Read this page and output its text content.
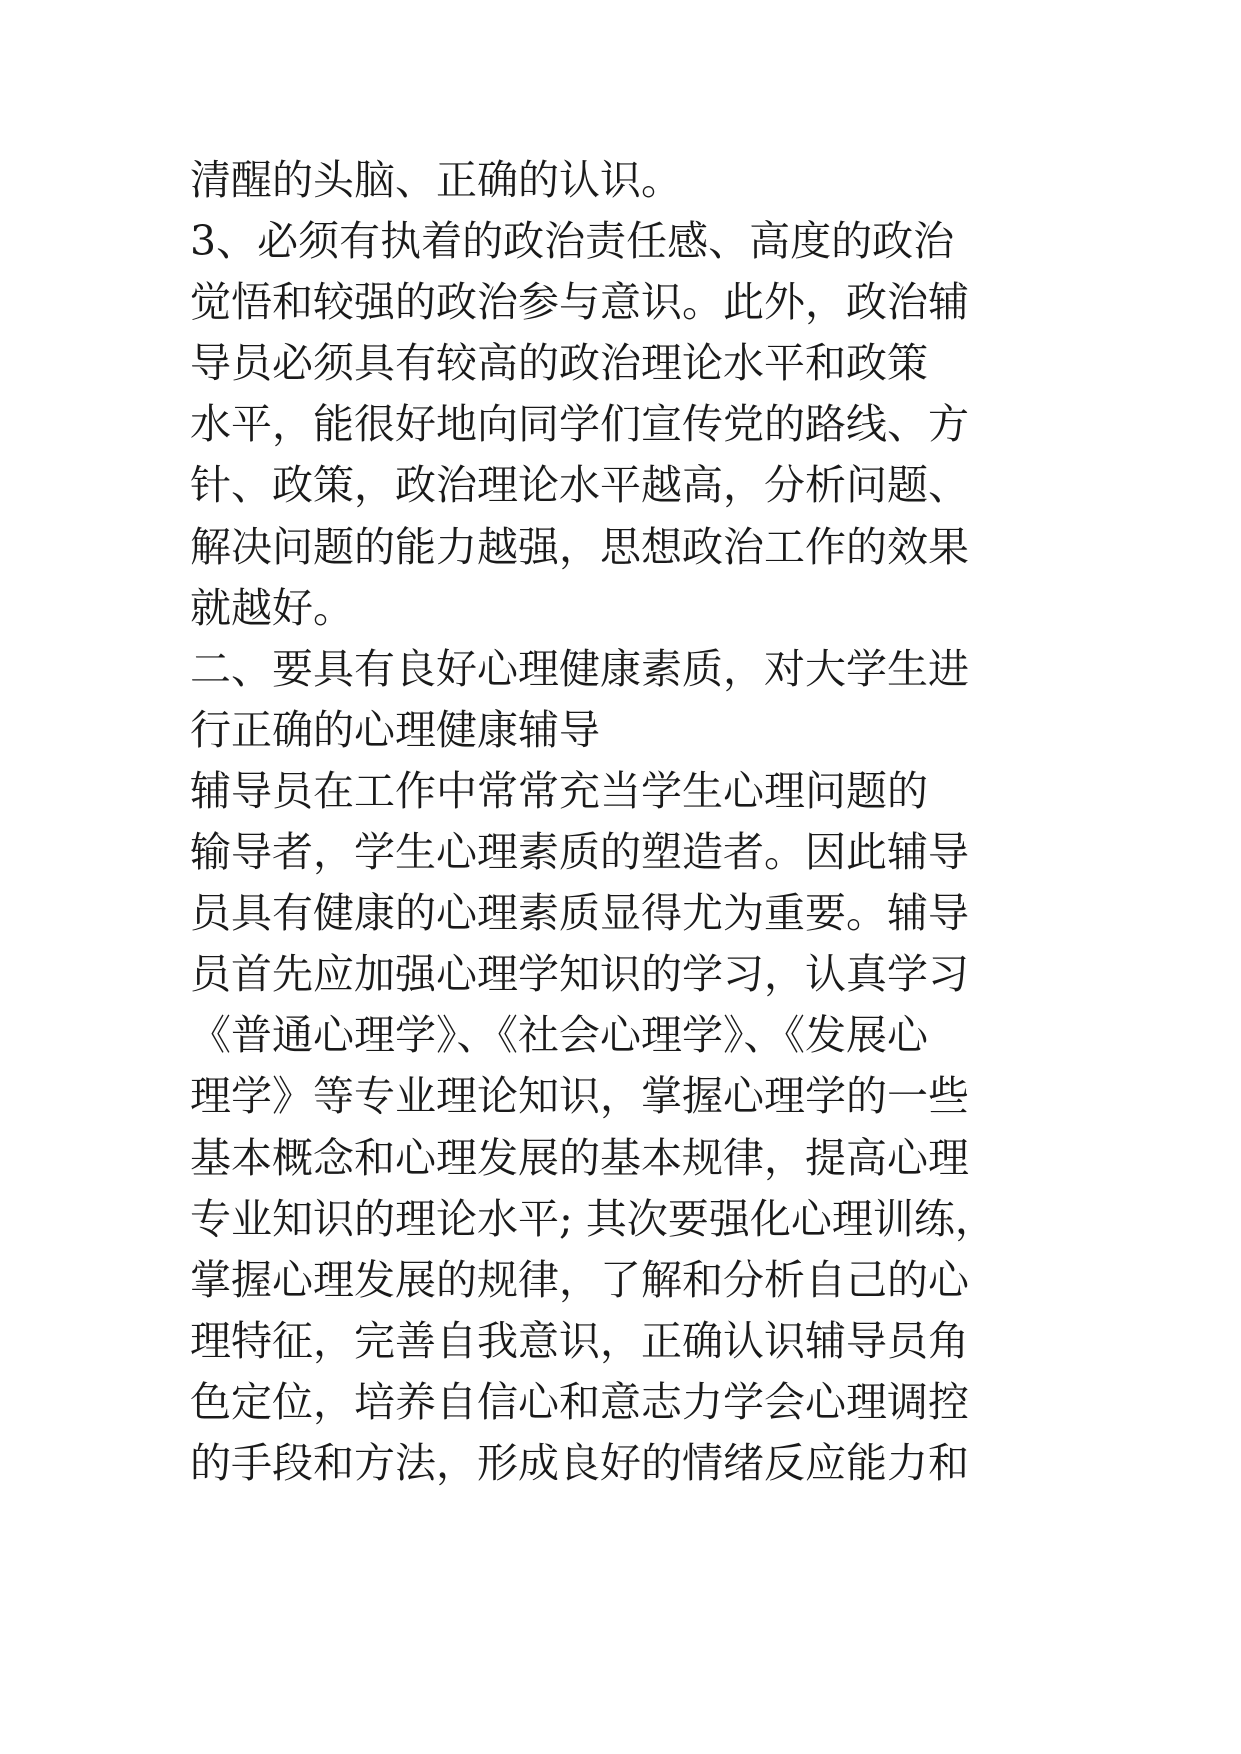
清醒的头脑、正确的认识。
3、必须有执着的政治责任感、高度的政治
觉悟和较强的政治参与意识。此外，政治辅
导员必须具有较高的政治理论水平和政策
水平，能很好地向同学们宣传党的路线、方
针、政策，政治理论水平越高，分析问题、
解决问题的能力越强，思想政治工作的效果
就越好。
二、要具有良好心理健康素质，对大学生进
行正确的心理健康辅导
辅导员在工作中常常充当学生心理问题的
输导者，学生心理素质的塑造者。因此辅导
员具有健康的心理素质显得尤为重要。辅导
员首先应加强心理学知识的学习，认真学习
《普通心理学》、《社会心理学》、《发展心
理学》等专业理论知识，掌握心理学的一些
基本概念和心理发展的基本规律，提高心理
专业知识的理论水平; 其次要强化心理训练，
掌握心理发展的规律，了解和分析自己的心
理特征，完善自我意识，正确认识辅导员角
色定位，培养自信心和意志力学会心理调控
的手段和方法，形成良好的情绪反应能力和
